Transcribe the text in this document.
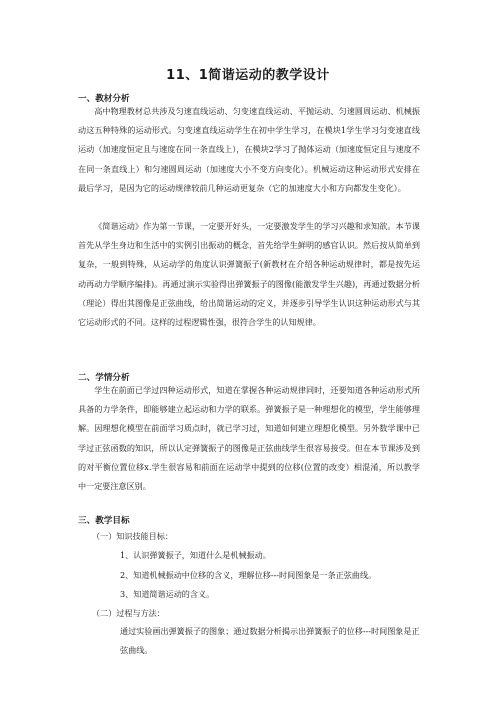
11、1简谐运动的教学设计
一、教材分析
高中物理教材总共涉及匀速直线运动、匀变速直线运动、平抛运动、匀速圆周运动、机械振动这五种特殊的运动形式。匀变速直线运动学生在初中学生学习，在模块1学生学习匀变速直线运动（加速度恒定且与速度在同一条直线上），在模块2学习了抛体运动（加速度恒定且与速度不在同一条直线上）和匀速圆周运动（加速度大小不变方向变化）。机械运动这种运动形式安排在最后学习，是因为它的运动规律较前几种运动更复杂（它的加速度大小和方向都发生变化）。
《简谐运动》作为第一节课，一定要开好头，一定要激发学生的学习兴趣和求知欲。本节课首先从学生身边和生活中的实例引出振动的概念，首先给学生鲜明的感官认识。然后按从简单到复杂，一般到特殊，从运动学的角度认识弹簧振子(新教材在介绍各种运动规律时，都是按先运动再动力学顺序编排)。再通过演示实验得出弹簧振子的图像(能激发学生兴趣)，再通过数据分析（理论）得出其图像是正弦曲线，给出简谐运动的定义，并逐步引导学生认识这种运动形式与其它运动形式的不同。这样的过程逻辑性强，很符合学生的认知规律。
二、学情分析
学生在前面已学过四种运动形式，知道在掌握各种运动规律同时，还要知道各种运动形式所具备的力学条件，即能够建立起运动和力学的联系。弹簧振子是一种理想化的模型，学生能够理解。因理想化模型在前面学习质点时，就已学习过，知道如何建立理想化模型。另外数学课中已学过正弦函数的知识，所以认定弹簧振子的图像是正弦曲线学生很容易接受。但在本节课涉及到的对平衡位置位移x.学生很容易和前面在运动学中提到的位移(位置的改变）相混淆，所以教学中一定要注意区别。
三、教学目标
（一）知识技能目标：
1、认识弹簧振子，知道什么是机械振动。
2、知道机械振动中位移的含义，理解位移---时间图象是一条正弦曲线。
3、知道简谐运动的含义。
（二）过程与方法：
通过实验画出弹簧振子的图象；通过数据分析揭示出弹簧振子的位移---时间图象是正弦曲线。
